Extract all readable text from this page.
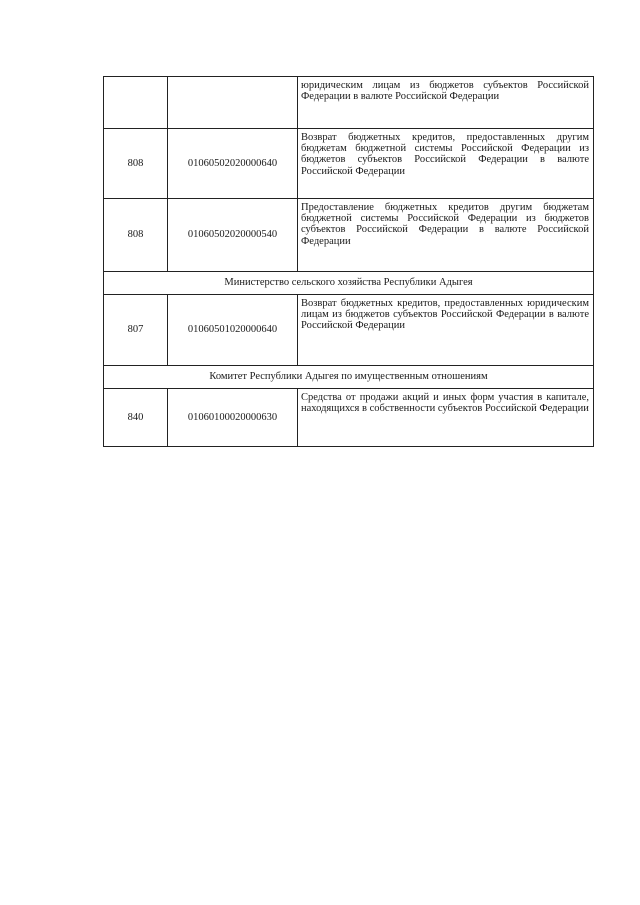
		юридическим лицам из бюджетов субъектов Российской Федерации в валюте Российской Федерации
808	01060502020000640	Возврат бюджетных кредитов, предоставленных другим бюджетам бюджетной системы Российской Федерации из бюджетов субъектов Российской Федерации в валюте Российской Федерации
808	01060502020000540	Предоставление бюджетных кредитов другим бюджетам бюджетной системы Российской Федерации из бюджетов субъектов Российской Федерации в валюте Российской Федерации
Министерство сельского хозяйства Республики Адыгея		
807	01060501020000640	Возврат бюджетных кредитов, предоставленных юридическим лицам из бюджетов субъектов Российской Федерации в валюте Российской Федерации
Комитет Республики Адыгея по имущественным отношениям		
840	01060100020000630	Средства от продажи акций и иных форм участия в капитале, находящихся в собственности субъектов Российской Федерации
